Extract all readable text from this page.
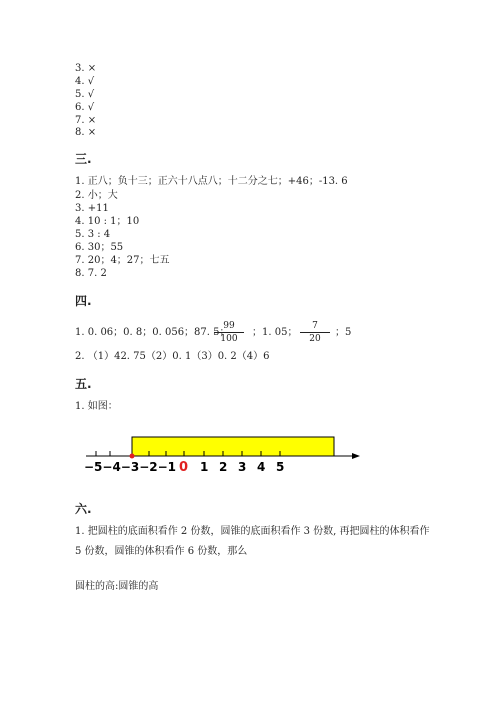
3. ×
4. √
5. √
6. √
7. ×
8. ×
三.
1. 正八；负十三；正六十八点八；十二分之七；+46；-13. 6
2. 小；大
3. +11
4. 10 : 1；10
5. 3 : 4
6. 30；55
7. 20；4；27；七五
8. 7. 2
四.
1. 0. 06；0. 8；0. 056；87. 5；
$\frac{99}{100}$ ；1. 05； $\frac{7}{20}$ ；5
2. （1）42. 75（2）0. 1（3）0. 2（4）6
五.
1. 如图：
−5−4−3−2−1 0 1 2 3 4 5
六.
1. 把圆柱的底面积看作 2 份数，圆锥的底面积看作 3 份数, 再把圆柱的体积看作
5 份数，圆锥的体积看作 6 份数，那么
圆柱的高:圆锥的高
